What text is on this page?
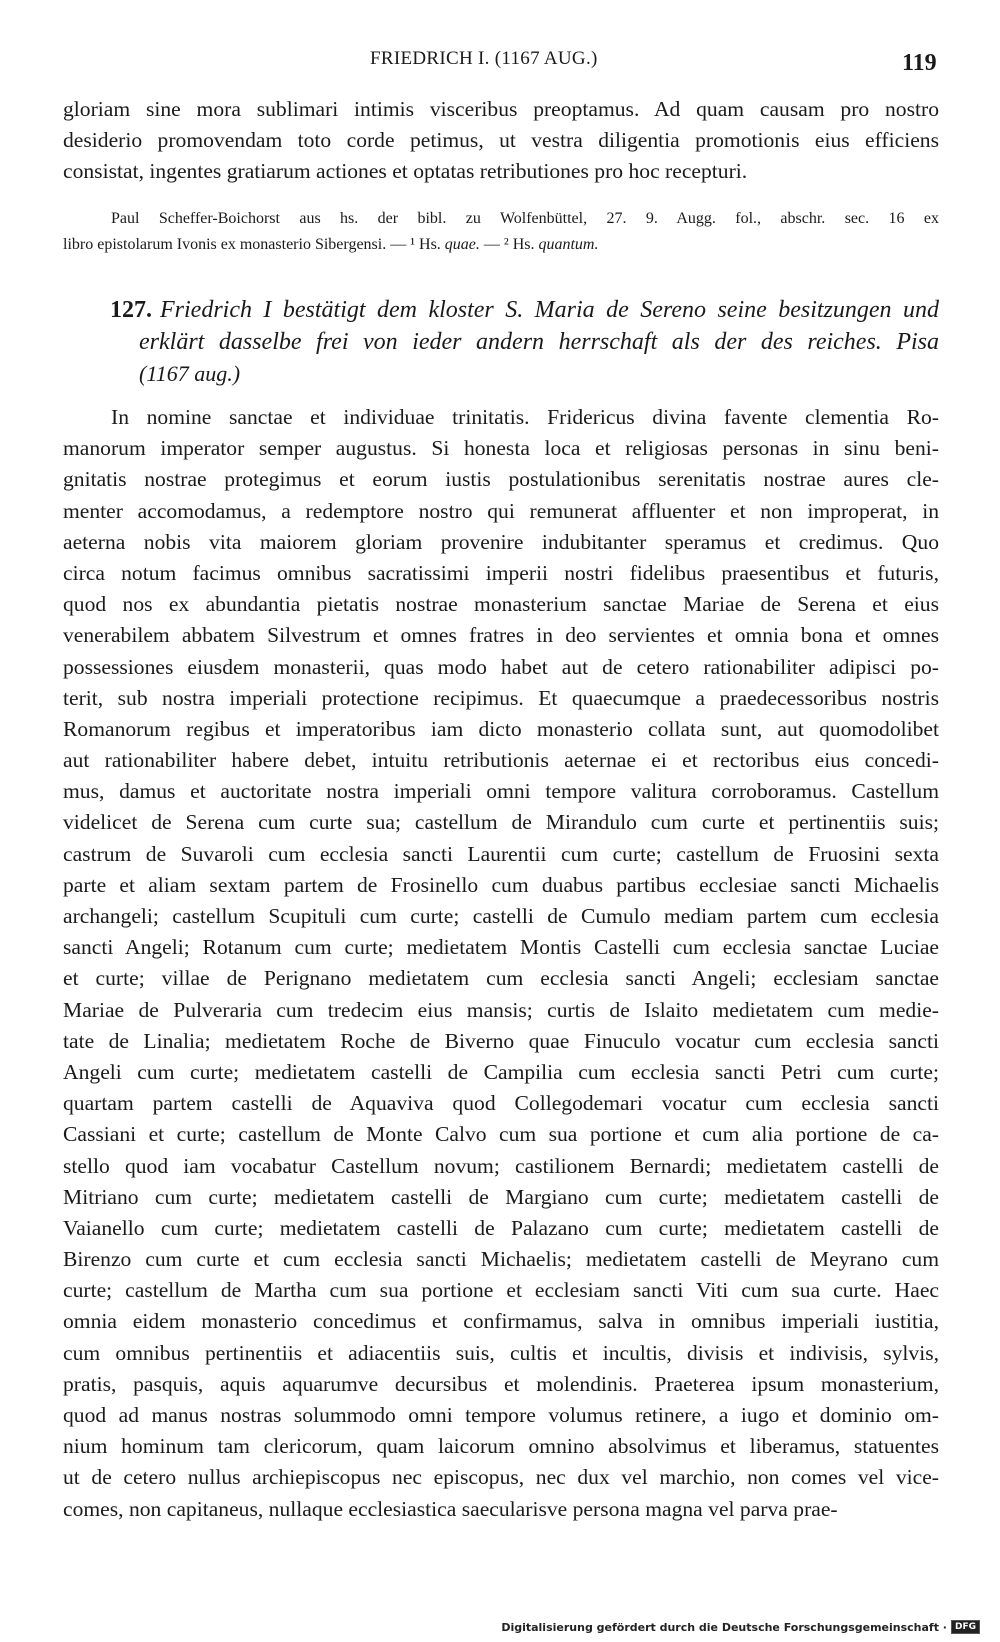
FRIEDRICH I. (1167 AUG.)	119
gloriam sine mora sublimari intimis visceribus preoptamus. Ad quam causam pro nostro
desiderio promovendam toto corde petimus, ut vestra diligentia promotionis eius efficiens
consistat, ingentes gratiarum actiones et optatas retributiones pro hoc recepturi.
Paul Scheffer-Boichorst aus hs. der bibl. zu Wolfenbüttel, 27. 9. Augg. fol., abschr. sec. 16 ex
libro epistolarum Ivonis ex monasterio Sibergensi. — ¹ Hs. quae. — ² Hs. quantum.
127. Friedrich I bestätigt dem kloster S. Maria de Sereno seine besitzungen und
erklärt dasselbe frei von ieder andern herrschaft als der des reiches. Pisa
(1167 aug.)
In nomine sanctae et individuae trinitatis. Fridericus divina favente clementia Ro-
manorum imperator semper augustus. Si honesta loca et religiosas personas in sinu beni-
gnitatis nostrae protegimus et eorum iustis postulationibus serenitatis nostrae aures cle-
menter accomodamus, a redemptore nostro qui remunerat affluenter et non improperat, in
aeterna nobis vita maiorem gloriam provenire indubitanter speramus et credimus. Quo
circa notum facimus omnibus sacratissimi imperii nostri fidelibus praesentibus et futuris,
quod nos ex abundantia pietatis nostrae monasterium sanctae Mariae de Serena et eius
venerabilem abbatem Silvestrum et omnes fratres in deo servientes et omnia bona et omnes
possessiones eiusdem monasterii, quas modo habet aut de cetero rationabiliter adipisci po-
terit, sub nostra imperiali protectione recipimus. Et quaecumque a praedecessoribus nostris
Romanorum regibus et imperatoribus iam dicto monasterio collata sunt, aut quomodolibet
aut rationabiliter habere debet, intuitu retributionis aeternae ei et rectoribus eius concedi-
mus, damus et auctoritate nostra imperiali omni tempore valitura corroboramus. Castellum
videlicet de Serena cum curte sua; castellum de Mirandulo cum curte et pertinentiis suis;
castrum de Suvaroli cum ecclesia sancti Laurentii cum curte; castellum de Fruosini sexta
parte et aliam sextam partem de Frosinello cum duabus partibus ecclesiae sancti Michaelis
archangeli; castellum Scupituli cum curte; castelli de Cumulo mediam partem cum ecclesia
sancti Angeli; Rotanum cum curte; medietatem Montis Castelli cum ecclesia sanctae Luciae
et curte; villae de Perignano medietatem cum ecclesia sancti Angeli; ecclesiam sanctae
Mariae de Pulveraria cum tredecim eius mansis; curtis de Islaito medietatem cum medie-
tate de Linalia; medietatem Roche de Biverno quae Finuculo vocatur cum ecclesia sancti
Angeli cum curte; medietatem castelli de Campilia cum ecclesia sancti Petri cum curte;
quartam partem castelli de Aquaviva quod Collegodemari vocatur cum ecclesia sancti
Cassiani et curte; castellum de Monte Calvo cum sua portione et cum alia portione de ca-
stello quod iam vocabatur Castellum novum; castilionem Bernardi; medietatem castelli de
Mitriano cum curte; medietatem castelli de Margiano cum curte; medietatem castelli de
Vaianello cum curte; medietatem castelli de Palazano cum curte; medietatem castelli de
Birenzo cum curte et cum ecclesia sancti Michaelis; medietatem castelli de Meyrano cum
curte; castellum de Martha cum sua portione et ecclesiam sancti Viti cum sua curte. Haec
omnia eidem monasterio concedimus et confirmamus, salva in omnibus imperiali iustitia,
cum omnibus pertinentiis et adiacentiis suis, cultis et incultis, divisis et indivisis, sylvis,
pratis, pasquis, aquis aquarumve decursibus et molendinis. Praeterea ipsum monasterium,
quod ad manus nostras solummodo omni tempore volumus retinere, a iugo et dominio om-
nium hominum tam clericorum, quam laicorum omnino absolvimus et liberamus, statuentes
ut de cetero nullus archiepiscopus nec episcopus, nec dux vel marchio, non comes vel vice-
comes, non capitaneus, nullaque ecclesiastica saecularisve persona magna vel parva prae-
Digitalisierung gefördert durch die Deutsche Forschungsgemeinschaft · DFG
